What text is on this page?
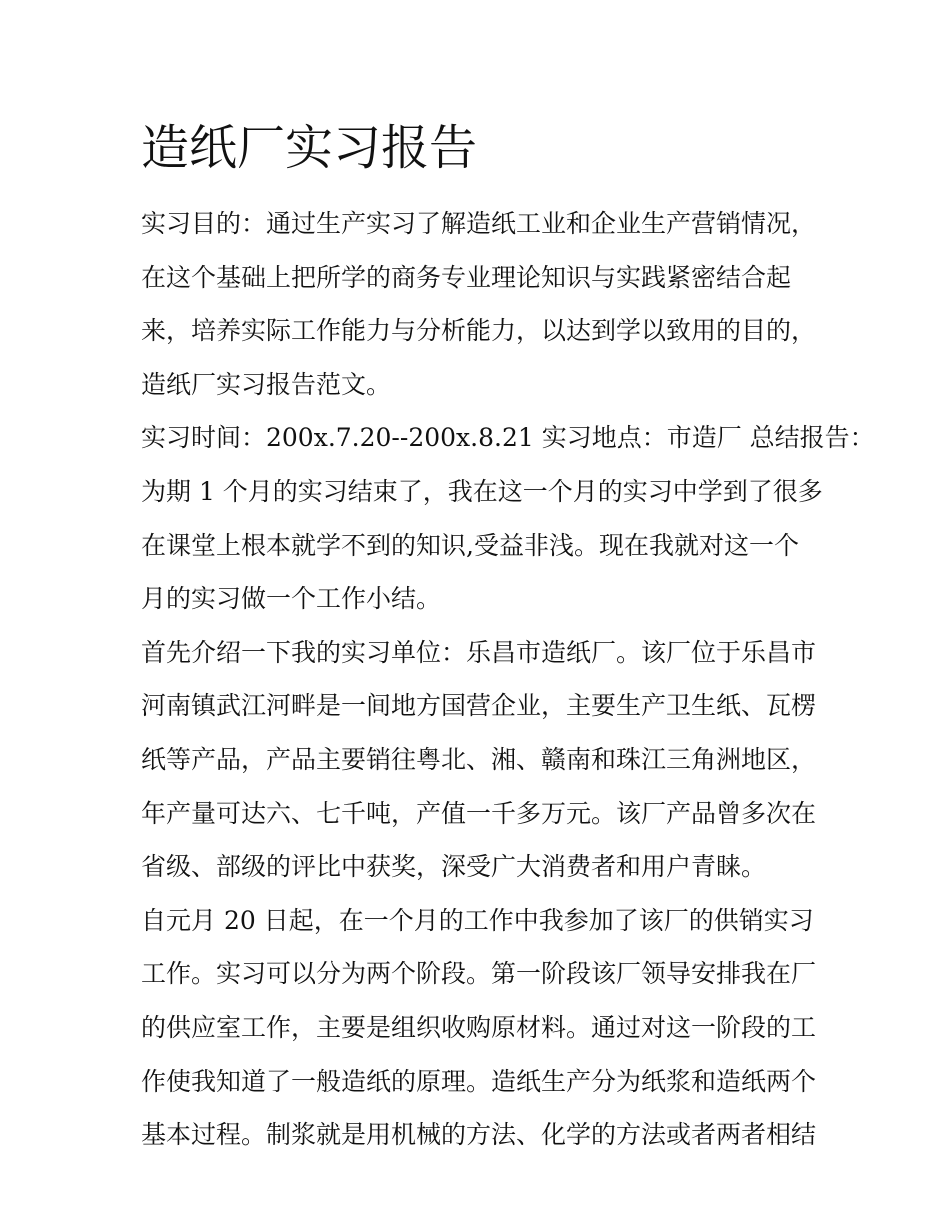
造纸厂实习报告
实习目的：通过生产实习了解造纸工业和企业生产营销情况，
在这个基础上把所学的商务专业理论知识与实践紧密结合起
来，培养实际工作能力与分析能力，以达到学以致用的目的，
造纸厂实习报告范文。
实习时间：200x.7.20--200x.8.21 实习地点：市造厂 总结报告：
为期 1 个月的实习结束了，我在这一个月的实习中学到了很多
在课堂上根本就学不到的知识,受益非浅。现在我就对这一个
月的实习做一个工作小结。
首先介绍一下我的实习单位：乐昌市造纸厂。该厂位于乐昌市
河南镇武江河畔是一间地方国营企业，主要生产卫生纸、瓦楞
纸等产品，产品主要销往粤北、湘、赣南和珠江三角洲地区，
年产量可达六、七千吨，产值一千多万元。该厂产品曾多次在
省级、部级的评比中获奖，深受广大消费者和用户青睐。
自元月 20 日起，在一个月的工作中我参加了该厂的供销实习
工作。实习可以分为两个阶段。第一阶段该厂领导安排我在厂
的供应室工作，主要是组织收购原材料。通过对这一阶段的工
作使我知道了一般造纸的原理。造纸生产分为纸浆和造纸两个
基本过程。制浆就是用机械的方法、化学的方法或者两者相结
